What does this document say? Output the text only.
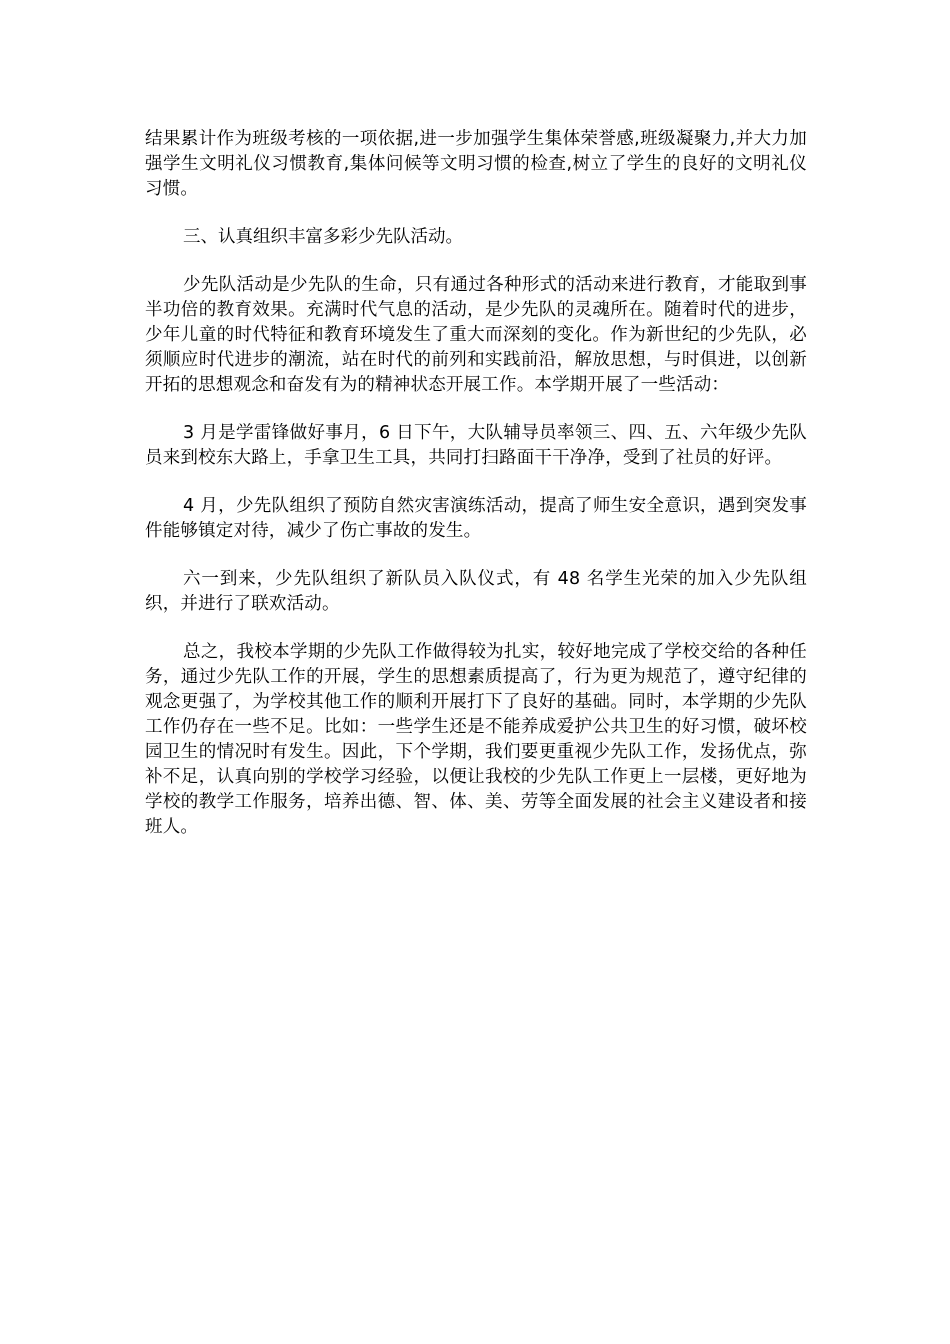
结果累计作为班级考核的一项依据,进一步加强学生集体荣誉感,班级凝聚力,并大力加强学生文明礼仪习惯教育,集体问候等文明习惯的检查,树立了学生的良好的文明礼仪习惯。

三、认真组织丰富多彩少先队活动。

少先队活动是少先队的生命，只有通过各种形式的活动来进行教育，才能取到事半功倍的教育效果。充满时代气息的活动，是少先队的灵魂所在。随着时代的进步，少年儿童的时代特征和教育环境发生了重大而深刻的变化。作为新世纪的少先队，必须顺应时代进步的潮流，站在时代的前列和实践前沿，解放思想，与时俱进，以创新开拓的思想观念和奋发有为的精神状态开展工作。本学期开展了一些活动：

3 月是学雷锋做好事月，6 日下午，大队辅导员率领三、四、五、六年级少先队员来到校东大路上，手拿卫生工具，共同打扫路面干干净净，受到了社员的好评。

4 月，少先队组织了预防自然灾害演练活动，提高了师生安全意识，遇到突发事件能够镇定对待，减少了伤亡事故的发生。

六一到来，少先队组织了新队员入队仪式，有 48 名学生光荣的加入少先队组织，并进行了联欢活动。

总之，我校本学期的少先队工作做得较为扎实，较好地完成了学校交给的各种任务，通过少先队工作的开展，学生的思想素质提高了，行为更为规范了，遵守纪律的观念更强了，为学校其他工作的顺利开展打下了良好的基础。同时，本学期的少先队工作仍存在一些不足。比如：一些学生还是不能养成爱护公共卫生的好习惯，破坏校园卫生的情况时有发生。因此，下个学期，我们要更重视少先队工作，发扬优点，弥补不足，认真向别的学校学习经验，以便让我校的少先队工作更上一层楼，更好地为学校的教学工作服务，培养出德、智、体、美、劳等全面发展的社会主义建设者和接班人。
